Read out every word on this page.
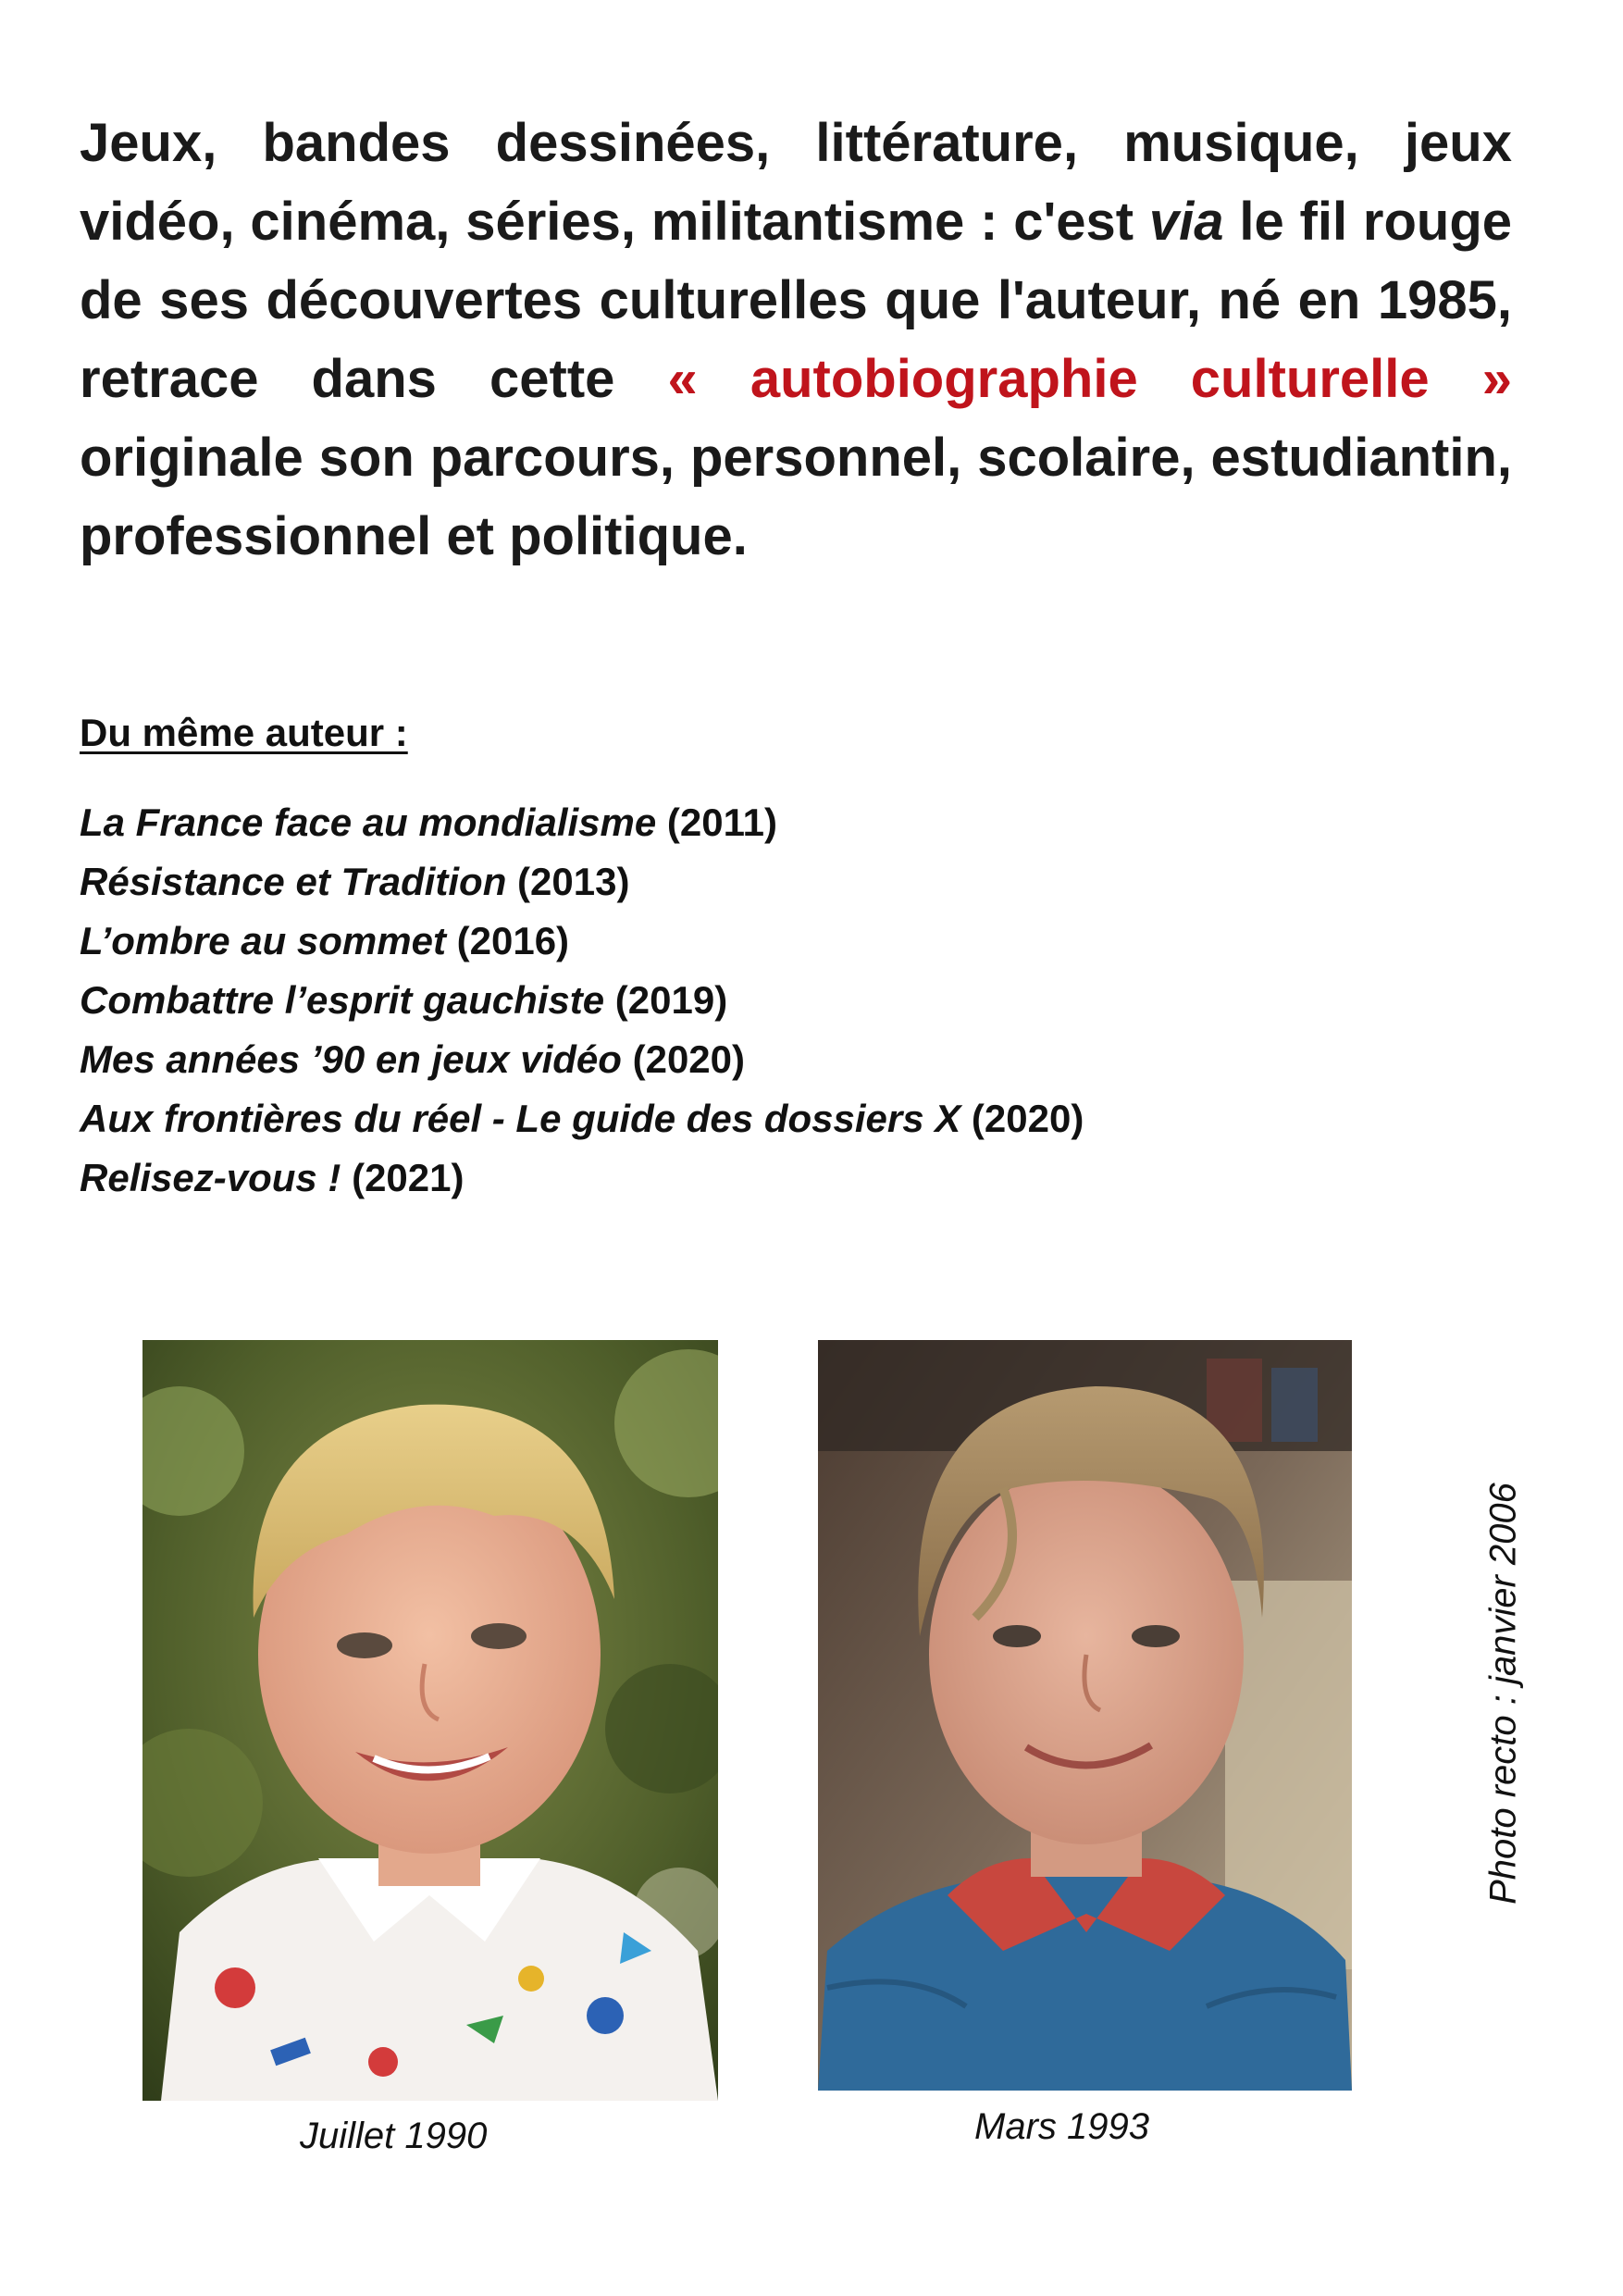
Jeux, bandes dessinées, littérature, musique, jeux vidéo, cinéma, séries, militantisme : c'est via le fil rouge de ses découvertes culturelles que l'auteur, né en 1985, retrace dans cette « autobiographie culturelle » originale son parcours, personnel, scolaire, estudiantin, professionnel et politique.

Du même auteur :
La France face au mondialisme (2011)
Résistance et Tradition (2013)
L’ombre au sommet (2016)
Combattre l’esprit gauchiste (2019)
Mes années ’90 en jeux vidéo (2020)
Aux frontières du réel - Le guide des dossiers X (2020)
Relisez-vous ! (2021)
Juillet 1990	Mars 1993
Photo recto : janvier 2006
